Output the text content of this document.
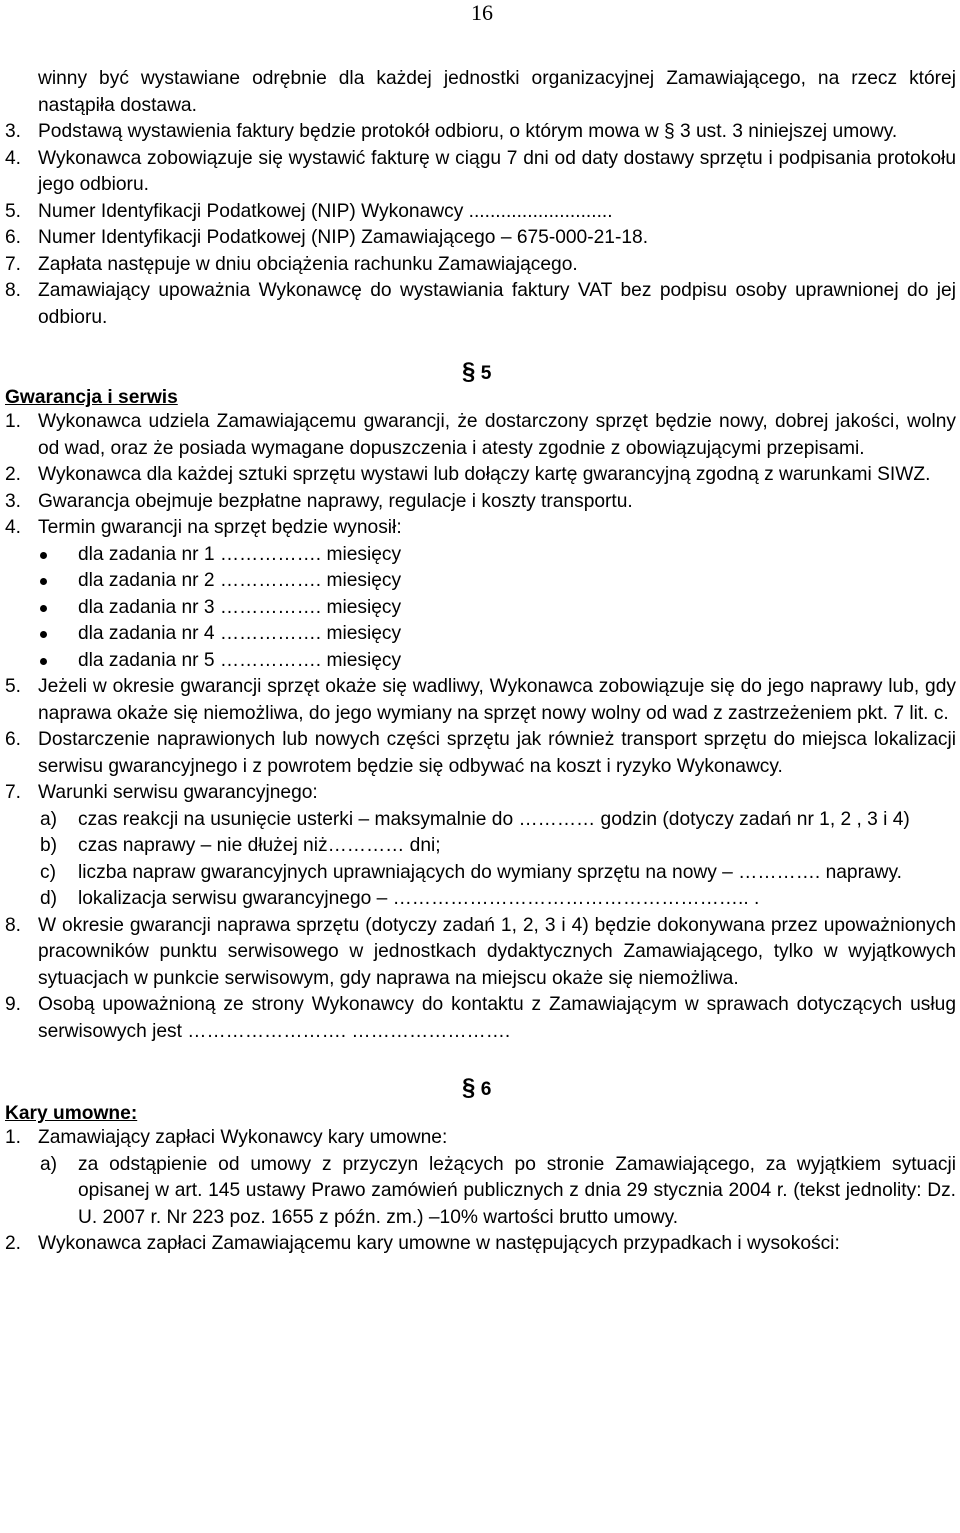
16
winny być wystawiane odrębnie dla każdej jednostki organizacyjnej Zamawiającego, na rzecz której nastąpiła dostawa.
3. Podstawą wystawienia faktury będzie protokół odbioru, o którym mowa w § 3 ust. 3 niniejszej umowy.
4. Wykonawca zobowiązuje się wystawić fakturę w ciągu 7 dni od daty dostawy sprzętu i podpisania protokołu jego odbioru.
5. Numer Identyfikacji Podatkowej (NIP) Wykonawcy ...........................
6. Numer Identyfikacji Podatkowej (NIP) Zamawiającego – 675-000-21-18.
7. Zapłata następuje w dniu obciążenia rachunku Zamawiającego.
8. Zamawiający upoważnia Wykonawcę do wystawiania faktury VAT bez podpisu osoby uprawnionej do jej odbioru.
§ 5
Gwarancja i serwis
1. Wykonawca udziela Zamawiającemu gwarancji, że dostarczony sprzęt będzie nowy, dobrej jakości, wolny od wad, oraz że posiada wymagane dopuszczenia i atesty zgodnie z obowiązującymi przepisami.
2. Wykonawca dla każdej sztuki sprzętu wystawi lub dołączy kartę gwarancyjną zgodną z warunkami SIWZ.
3. Gwarancja obejmuje bezpłatne naprawy, regulacje i koszty transportu.
4. Termin gwarancji na sprzęt będzie wynosił:
dla zadania nr 1 ……………. miesięcy
dla zadania nr 2 ……………. miesięcy
dla zadania nr 3 ……………. miesięcy
dla zadania nr 4 ……………. miesięcy
dla zadania nr 5 ……………. miesięcy
5. Jeżeli w okresie gwarancji sprzęt okaże się wadliwy, Wykonawca zobowiązuje się do jego naprawy lub, gdy naprawa okaże się niemożliwa, do jego wymiany na sprzęt nowy wolny od wad z zastrzeżeniem pkt. 7 lit. c.
6. Dostarczenie naprawionych lub nowych części sprzętu jak również transport sprzętu do miejsca lokalizacji serwisu gwarancyjnego i z powrotem będzie się odbywać na koszt i ryzyko Wykonawcy.
7. Warunki serwisu gwarancyjnego:
a) czas reakcji na usunięcie usterki – maksymalnie do ………… godzin (dotyczy zadań nr 1, 2 , 3 i 4)
b) czas naprawy – nie dłużej niż………… dni;
c) liczba napraw gwarancyjnych uprawniających do wymiany sprzętu na nowy – …………. naprawy.
d) lokalizacja serwisu gwarancyjnego – ……………………………………………….. .
8. W okresie gwarancji naprawa sprzętu (dotyczy zadań 1, 2, 3 i 4) będzie dokonywana przez upoważnionych pracowników punktu serwisowego w jednostkach dydaktycznych Zamawiającego, tylko w wyjątkowych sytuacjach w punkcie serwisowym, gdy naprawa na miejscu okaże się niemożliwa.
9. Osobą upoważnioną ze strony Wykonawcy do kontaktu z Zamawiającym w sprawach dotyczących usług serwisowych jest ……………………. …………………….
§ 6
Kary umowne:
1. Zamawiający zapłaci Wykonawcy kary umowne:
a) za odstąpienie od umowy z przyczyn leżących po stronie Zamawiającego, za wyjątkiem sytuacji opisanej w art. 145 ustawy Prawo zamówień publicznych z dnia 29 stycznia 2004 r. (tekst jednolity: Dz. U. 2007 r. Nr 223 poz. 1655 z późn. zm.) –10% wartości brutto umowy.
2. Wykonawca zapłaci Zamawiającemu kary umowne w następujących przypadkach i wysokości:
